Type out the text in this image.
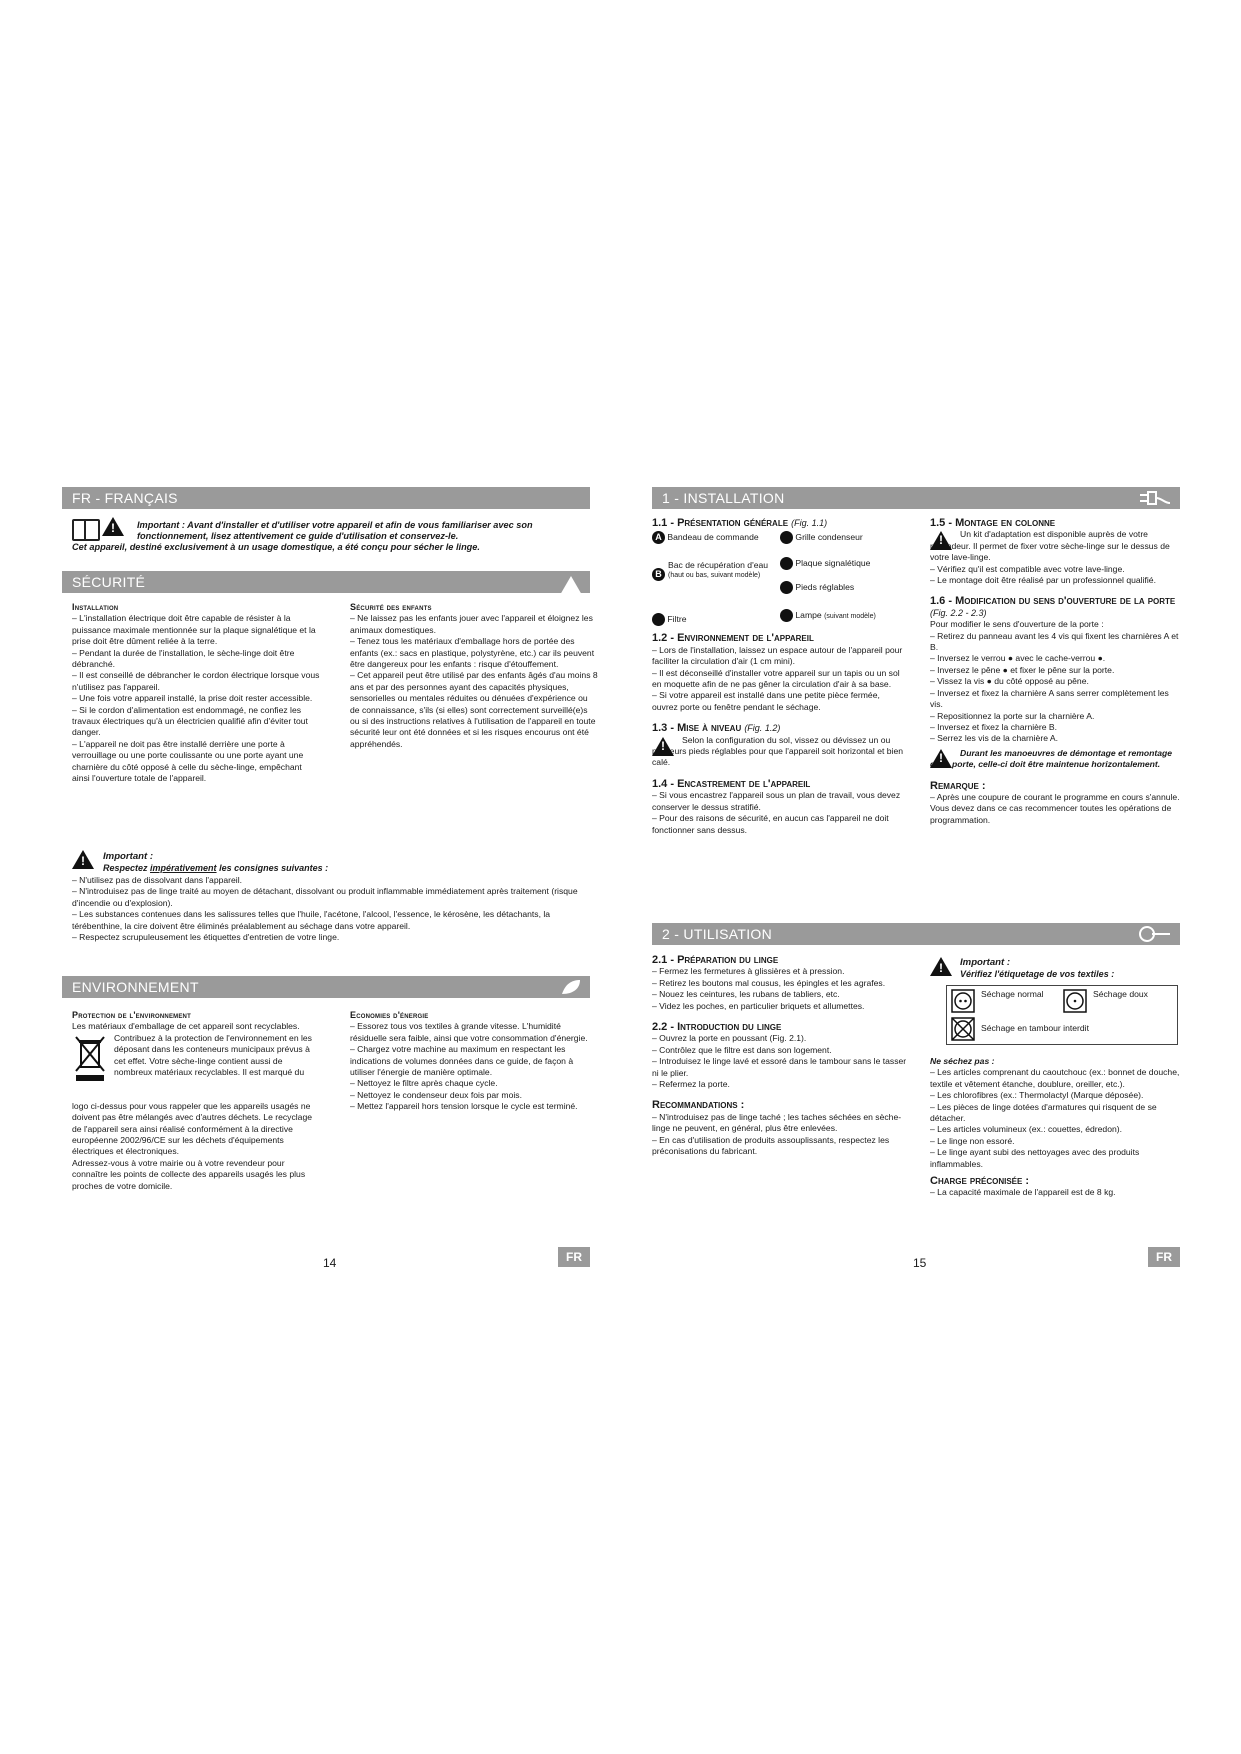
FR - FRANÇAIS
!
Important : Avant d'installer et d'utiliser votre appareil et afin de vous familiariser avec son
fonctionnement, lisez attentivement ce guide d'utilisation et conservez-le.
Cet appareil, destiné exclusivement à un usage domestique, a été conçu pour sécher le linge.
SÉCURITÉ
!

Installation

– L'installation électrique doit être capable de résister à la puissance maximale mentionnée sur la plaque signalétique et la prise doit être dûment reliée à la terre.

– Pendant la durée de l'installation, le sèche-linge doit être débranché.

– Il est conseillé de débrancher le cordon électrique lorsque vous n'utilisez pas l'appareil.

– Une fois votre appareil installé, la prise doit rester accessible.

– Si le cordon d'alimentation est endommagé, ne confiez les travaux électriques qu'à un électricien qualifié afin d'éviter tout danger.

– L'appareil ne doit pas être installé derrière une porte à verrouillage ou une porte coulissante ou une porte ayant une charnière du côté opposé à celle du sèche-linge, empêchant ainsi l'ouverture totale de l'appareil.

Sécurité des enfants

– Ne laissez pas les enfants jouer avec l'appareil et éloignez les animaux domestiques.

– Tenez tous les matériaux d'emballage hors de portée des enfants (ex.: sacs en plastique, polystyrène, etc.) car ils peuvent être dangereux pour les enfants : risque d'étouffement.

– Cet appareil peut être utilisé par des enfants âgés d'au moins 8 ans et par des personnes ayant des capacités physiques, sensorielles ou mentales réduites ou dénuées d'expérience ou de connaissance, s'ils (si elles) sont correctement surveillé(e)s ou si des instructions relatives à l'utilisation de l'appareil en toute sécurité leur ont été données et si les risques encourus ont été appréhendés.

!
Important :
Respectez impérativement les consignes suivantes :

– N'utilisez pas de dissolvant dans l'appareil.

– N'introduisez pas de linge traité au moyen de détachant, dissolvant ou produit inflammable immédiatement après traitement (risque d'incendie ou d'explosion).

– Les substances contenues dans les salissures telles que l'huile, l'acétone, l'alcool, l'essence, le kérosène, les détachants, la térébenthine, la cire doivent être éliminés préalablement au séchage dans votre appareil.

– Respectez scrupuleusement les étiquettes d'entretien de votre linge.

ENVIRONNEMENT

Protection de l'environnement

Les matériaux d'emballage de cet appareil sont recyclables.

Contribuez à la protection de l'environnement en les déposant dans les conteneurs municipaux prévus à cet effet. Votre sèche-linge contient aussi de nombreux matériaux recyclables. Il est marqué du

logo ci-dessus pour vous rappeler que les appareils usagés ne doivent pas être mélangés avec d'autres déchets. Le recyclage de l'appareil sera ainsi réalisé conformément à la directive européenne 2002/96/CE sur les déchets d'équipements électriques et électroniques.

Adressez-vous à votre mairie ou à votre revendeur pour connaître les points de collecte des appareils usagés les plus proches de votre domicile.

Economies d'énergie

– Essorez tous vos textiles à grande vitesse. L'humidité résiduelle sera faible, ainsi que votre consommation d'énergie.

– Chargez votre machine au maximum en respectant les indications de volumes données dans ce guide, de façon à utiliser l'énergie de manière optimale.

– Nettoyez le filtre après chaque cycle.

– Nettoyez le condenseur deux fois par mois.

– Mettez l'appareil hors tension lorsque le cycle est terminé.

14	FR
1 - INSTALLATION

1.1 - Présentation générale (Fig. 1.1)

A Bandeau de commande
B
Bac de récupération d'eau
(haut ou bas, suivant modèle)
Filtre
Grille condenseur
Plaque signalétique
Pieds réglables
Lampe (suivant modèle)

1.2 - Environnement de l'appareil

– Lors de l'installation, laissez un espace autour de l'appareil pour faciliter la circulation d'air (1 cm mini).

– Il est déconseillé d'installer votre appareil sur un tapis ou un sol en moquette afin de ne pas gêner la circulation d'air à sa base.

– Si votre appareil est installé dans une petite pièce fermée, ouvrez porte ou fenêtre pendant le séchage.

1.3 - Mise à niveau (Fig. 1.2)

!

Selon la configuration du sol, vissez ou dévissez un ou plusieurs pieds réglables pour que l'appareil soit horizontal et bien calé.

1.4 - Encastrement de l'appareil

– Si vous encastrez l'appareil sous un plan de travail, vous devez conserver le dessus stratifié.

– Pour des raisons de sécurité, en aucun cas l'appareil ne doit fonctionner sans dessus.

1.5 - Montage en colonne

!

Un kit d'adaptation est disponible auprès de votre revendeur. Il permet de fixer votre sèche-linge sur le dessus de votre lave-linge.

– Vérifiez qu'il est compatible avec votre lave-linge.

– Le montage doit être réalisé par un professionnel qualifié.

1.6 - Modification du sens d'ouverture de la porte (Fig. 2.2 - 2.3)

Pour modifier le sens d'ouverture de la porte :

– Retirez du panneau avant les 4 vis qui fixent les charnières A et B.

– Inversez le verrou ● avec le cache-verrou ●.

– Inversez le pêne ● et fixer le pêne sur la porte.

– Vissez la vis ● du côté opposé au pêne.

– Inversez et fixez la charnière A sans serrer complètement les vis.

– Repositionnez la porte sur la charnière A.

– Inversez et fixez la charnière B.

– Serrez les vis de la charnière A.

!

Durant les manoeuvres de démontage et remontage de la porte, celle-ci doit être maintenue horizontalement.

Remarque :

– Après une coupure de courant le programme en cours s'annule. Vous devez dans ce cas recommencer toutes les opérations de programmation.

2 - UTILISATION

2.1 - Préparation du linge

– Fermez les fermetures à glissières et à pression.

– Retirez les boutons mal cousus, les épingles et les agrafes.

– Nouez les ceintures, les rubans de tabliers, etc.

– Videz les poches, en particulier briquets et allumettes.

2.2 - Introduction du linge

– Ouvrez la porte en poussant (Fig. 2.1).

– Contrôlez que le filtre est dans son logement.

– Introduisez le linge lavé et essoré dans le tambour sans le tasser ni le plier.

– Refermez la porte.

Recommandations :

– N'introduisez pas de linge taché ; les taches séchées en sèche-linge ne peuvent, en général, plus être enlevées.

– En cas d'utilisation de produits assouplissants, respectez les préconisations du fabricant.

!
Important :
Vérifiez l'étiquetage de vos textiles :
Séchage normal	Séchage doux
Séchage en tambour interdit

Ne séchez pas :

– Les articles comprenant du caoutchouc (ex.: bonnet de douche, textile et vêtement étanche, doublure, oreiller, etc.).

– Les chlorofibres (ex.: Thermolactyl (Marque déposée).

– Les pièces de linge dotées d'armatures qui risquent de se détacher.

– Les articles volumineux (ex.: couettes, édredon).

– Le linge non essoré.

– Le linge ayant subi des nettoyages avec des produits inflammables.

Charge préconisée :

– La capacité maximale de l'appareil est de 8 kg.

15	FR
